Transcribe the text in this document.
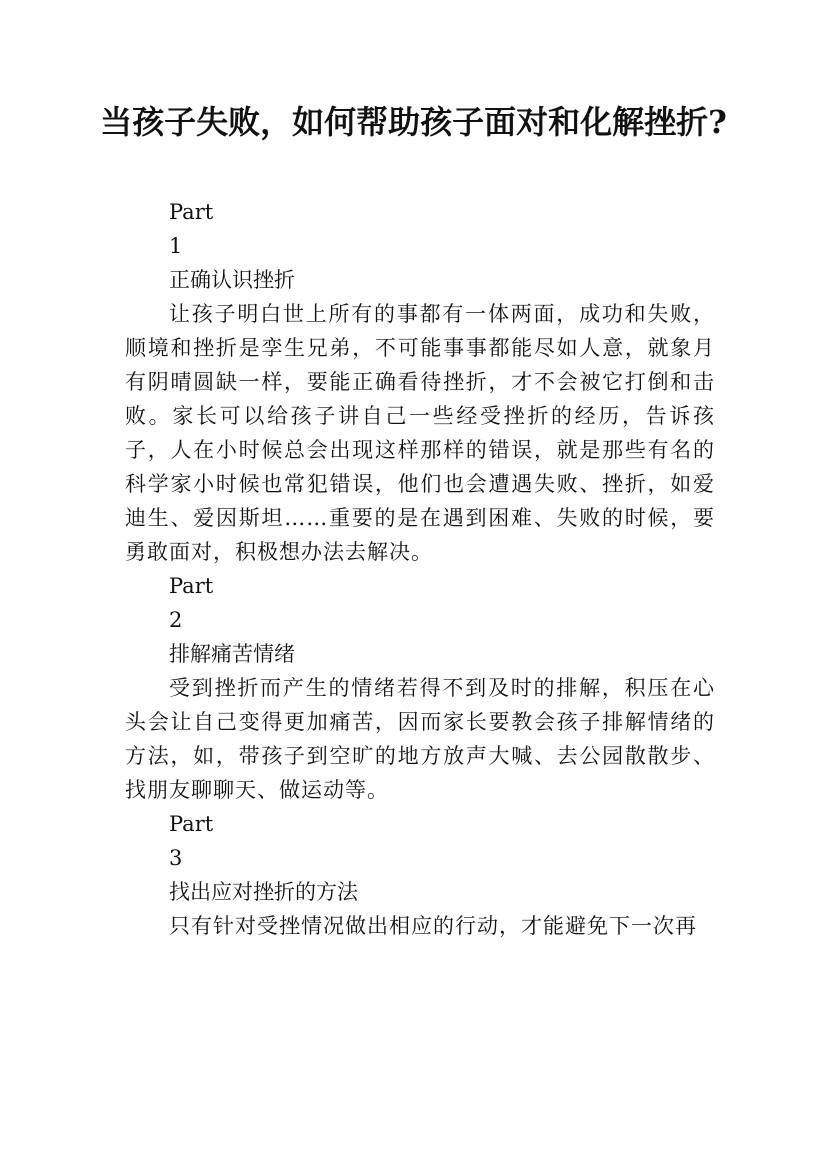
当孩子失败，如何帮助孩子面对和化解挫折?
Part
1
正确认识挫折

让孩子明白世上所有的事都有一体两面，成功和失败，顺境和挫折是孪生兄弟，不可能事事都能尽如人意，就象月有阴晴圆缺一样，要能正确看待挫折，才不会被它打倒和击败。家长可以给孩子讲自己一些经受挫折的经历，告诉孩子，人在小时候总会出现这样那样的错误，就是那些有名的科学家小时候也常犯错误，他们也会遭遇失败、挫折，如爱迪生、爱因斯坦……重要的是在遇到困难、失败的时候，要勇敢面对，积极想办法去解决。

Part
2
排解痛苦情绪

受到挫折而产生的情绪若得不到及时的排解，积压在心头会让自己变得更加痛苦，因而家长要教会孩子排解情绪的方法，如，带孩子到空旷的地方放声大喊、去公园散散步、找朋友聊聊天、做运动等。

Part
3
找出应对挫折的方法

只有针对受挫情况做出相应的行动，才能避免下一次再
